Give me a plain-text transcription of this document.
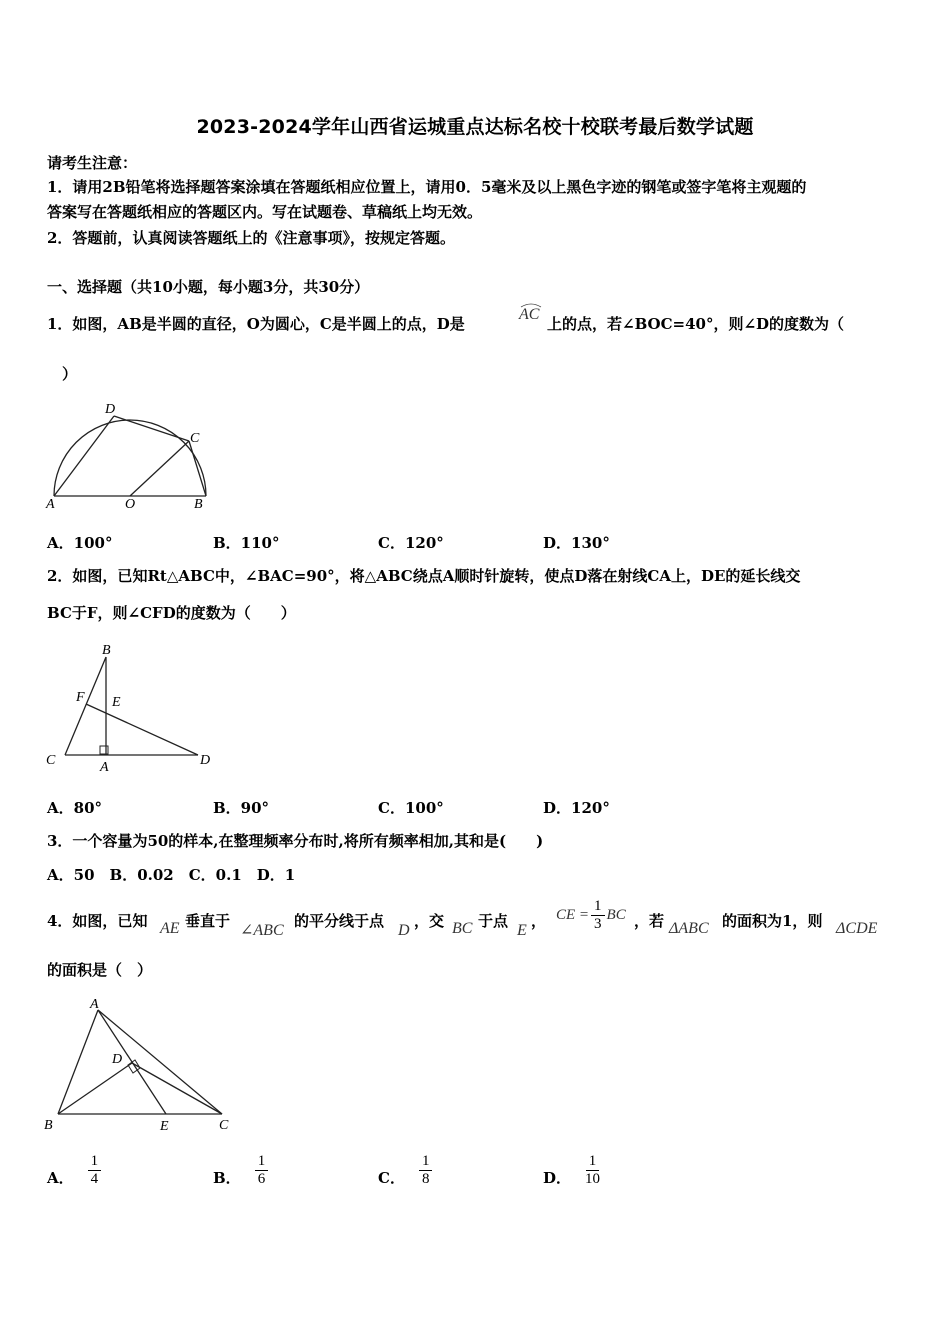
2023-2024学年山西省运城重点达标名校十校联考最后数学试题
请考生注意：
1．请用2B铅笔将选择题答案涂填在答题纸相应位置上，请用0．5毫米及以上黑色字迹的钢笔或签字笔将主观题的
答案写在答题纸相应的答题区内。写在试题卷、草稿纸上均无效。
2．答题前，认真阅读答题纸上的《注意事项》，按规定答题。
一、选择题（共10小题，每小题3分，共30分）
1．如图，AB是半圆的直径，O为圆心，C是半圆上的点，D是
AC
上的点，若∠BOC=40°，则∠D的度数为（
）
A	O	B
C
D
A．100°	B．110°	C．120°	D．130°
2．如图，已知Rt△ABC中，∠BAC=90°，将△ABC绕点A顺时针旋转，使点D落在射线CA上，DE的延长线交
BC于F，则∠CFD的度数为（　　）
B
F E
C	A	D
A．80°	B．90°	C．100°	D．120°
3．一个容量为50的样本,在整理频率分布时,将所有频率相加,其和是(　　)
A．50　B．0.02　C．0.1　D．1
4．如图，已知 AE 垂直于
∠ABC
的平分线于点
D
，交 BC 于点
E
， CE = $\frac{1}{3}$ BC ，若 ΔABC 的面积为1，则 ΔCDE
的面积是（　）
A
D
B	E	C
A． $\frac{1}{4}$	B． $\frac{1}{6}$	C． $\frac{1}{8}$	D． $\frac{1}{10}$
